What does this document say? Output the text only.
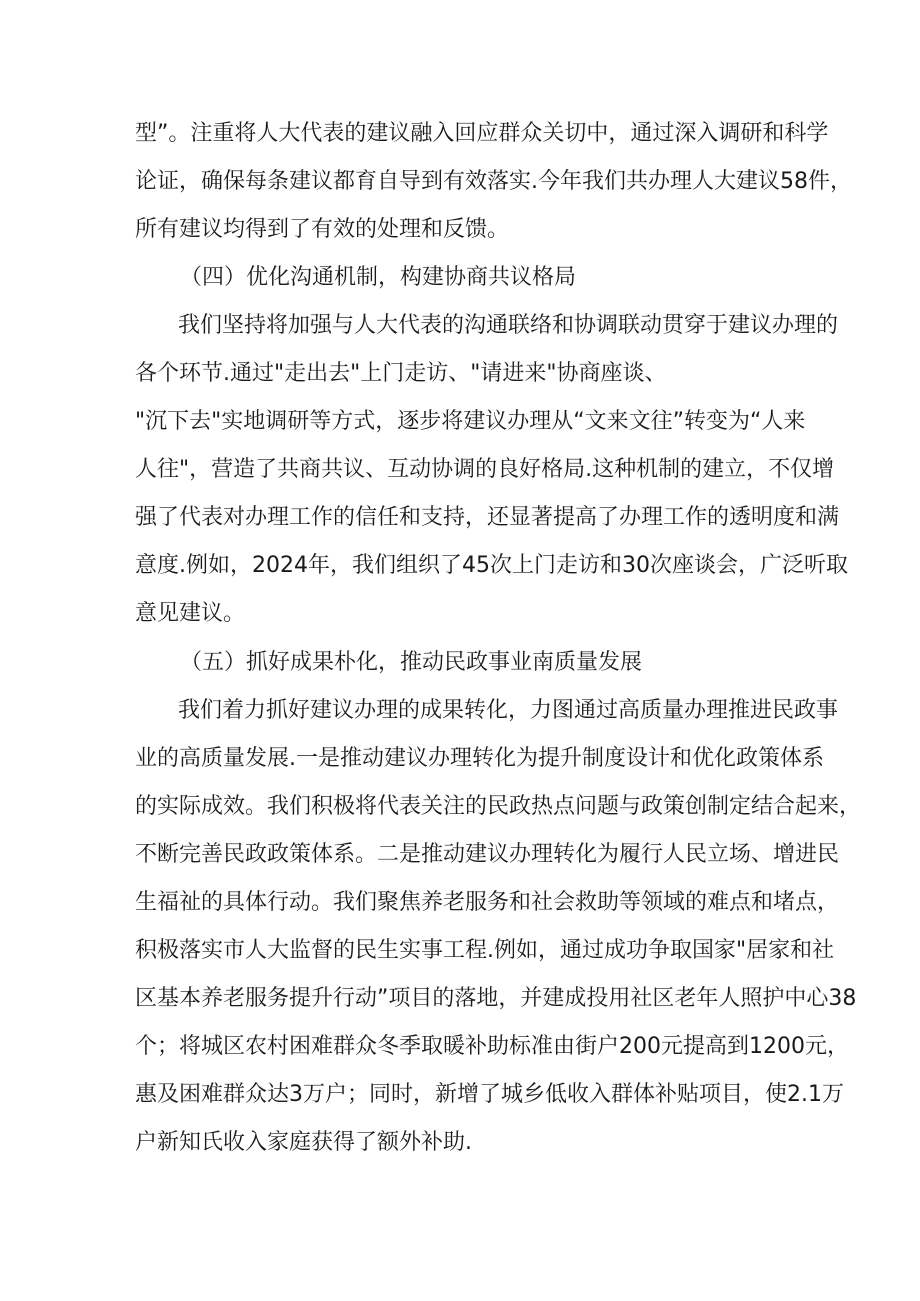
型”。注重将人大代表的建议融入回应群众关切中，通过深入调研和科学
论证，确保每条建议都育自导到有效落实.今年我们共办理人大建议58件，
所有建议均得到了有效的处理和反馈。
（四）优化沟通机制，构建协商共议格局
我们坚持将加强与人大代表的沟通联络和协调联动贯穿于建议办理的
各个环节.通过"走出去"上门走访、"请进来"协商座谈、
"沉下去"实地调研等方式，逐步将建议办理从“文来文往”转变为“人来
人往"，营造了共商共议、互动协调的良好格局.这种机制的建立，不仅增
强了代表对办理工作的信任和支持，还显著提高了办理工作的透明度和满
意度.例如，2024年，我们组织了45次上门走访和30次座谈会，广泛听取
意见建议。
（五）抓好成果朴化，推动民政事业南质量发展
我们着力抓好建议办理的成果转化，力图通过高质量办理推进民政事
业的高质量发展.一是推动建议办理转化为提升制度设计和优化政策体系
的实际成效。我们积极将代表关注的民政热点问题与政策创制定结合起来，
不断完善民政政策体系。二是推动建议办理转化为履行人民立场、增进民
生福祉的具体行动。我们聚焦养老服务和社会救助等领域的难点和堵点，
积极落实市人大监督的民生实事工程.例如，通过成功争取国家"居家和社
区基本养老服务提升行动”项目的落地，并建成投用社区老年人照护中心38
个；将城区农村困难群众冬季取暖补助标准由街户200元提高到1200元，
惠及困难群众达3万户；同时，新增了城乡低收入群体补贴项目，使2.1万
户新知氏收入家庭获得了额外补助.
